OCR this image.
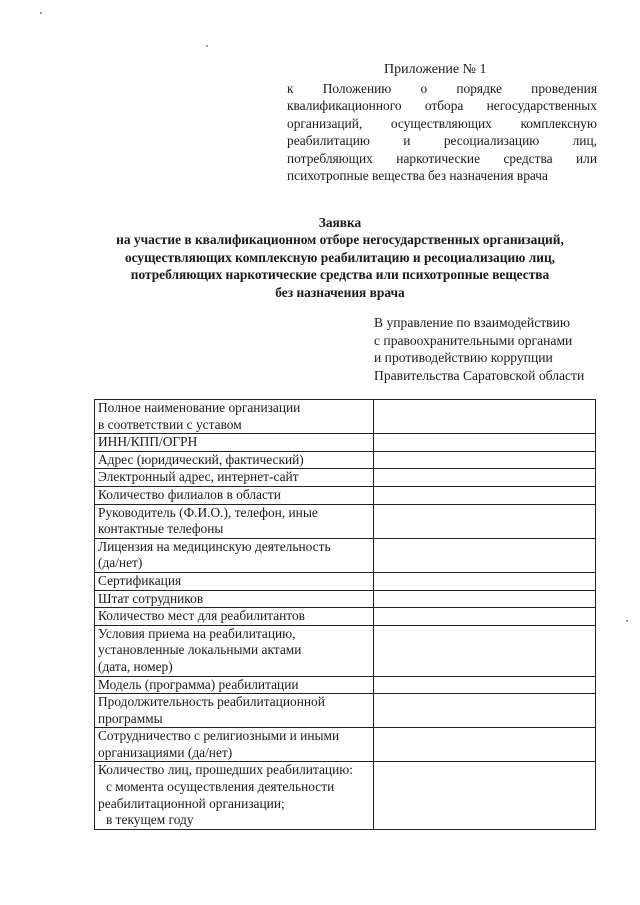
Приложение № 1
к Положению о порядке проведения
квалификационного отбора негосударственных
организаций, осуществляющих комплексную
реабилитацию и ресоциализацию лиц,
потребляющих наркотические средства или
психотропные вещества без назначения врача
Заявка
на участие в квалификационном отборе негосударственных организаций,
осуществляющих комплексную реабилитацию и ресоциализацию лиц,
потребляющих наркотические средства или психотропные вещества
без назначения врача
В управление по взаимодействию
с правоохранительными органами
и противодействию коррупции
Правительства Саратовской области
Полное наименование организации
в соответствии с уставом	

ИНН/КПП/ОГРН	

Адрес (юридический, фактический)	

Электронный адрес, интернет-сайт	

Количество филиалов в области	

Руководитель (Ф.И.О.), телефон, иные
контактные телефоны	

Лицензия на медицинскую деятельность
(да/нет)	

Сертификация	

Штат сотрудников	

Количество мест для реабилитантов	

Условия приема на реабилитацию,
установленные локальными актами
(дата, номер)	

Модель (программа) реабилитации	

Продолжительность реабилитационной
программы	

Сотрудничество с религиозными и иными
организациями (да/нет)	

Количество лиц, прошедших реабилитацию:
с момента осуществления деятельности
реабилитационной организации;
в текущем году	
